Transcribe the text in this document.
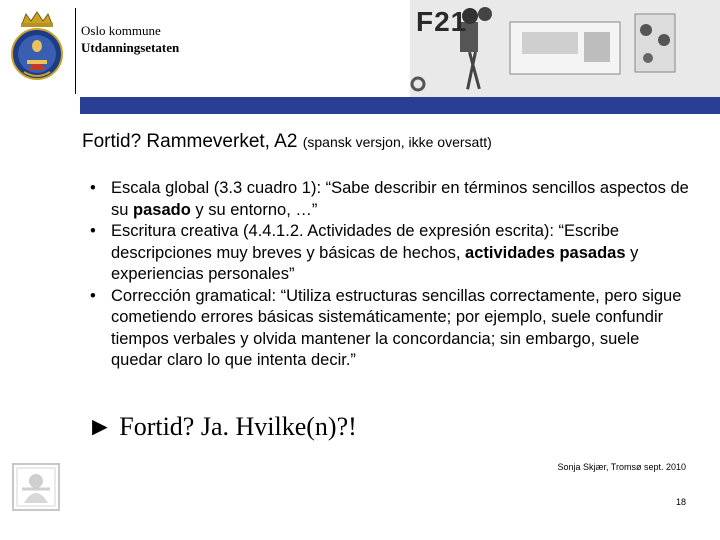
Oslo kommune
Utdanningsetaten
F21
Fortid? Rammeverket, A2 (spansk versjon, ikke oversatt)
• Escala global (3.3 cuadro 1): “Sabe describir en términos sencillos aspectos de su pasado y su entorno, …”
• Escritura creativa (4.4.1.2. Actividades de expresión escrita): “Escribe descripciones muy breves y básicas de hechos, actividades pasadas y experiencias personales”
• Corrección gramatical: “Utiliza estructuras sencillas correctamente, pero sigue cometiendo errores básicas sistemáticamente; por ejemplo, suele confundir tiempos verbales y olvida mantener la concordancia; sin embargo, suele quedar claro lo que intenta decir.”
► Fortid? Ja. Hvilke(n)?!
Sonja Skjær, Tromsø sept. 2010
18
